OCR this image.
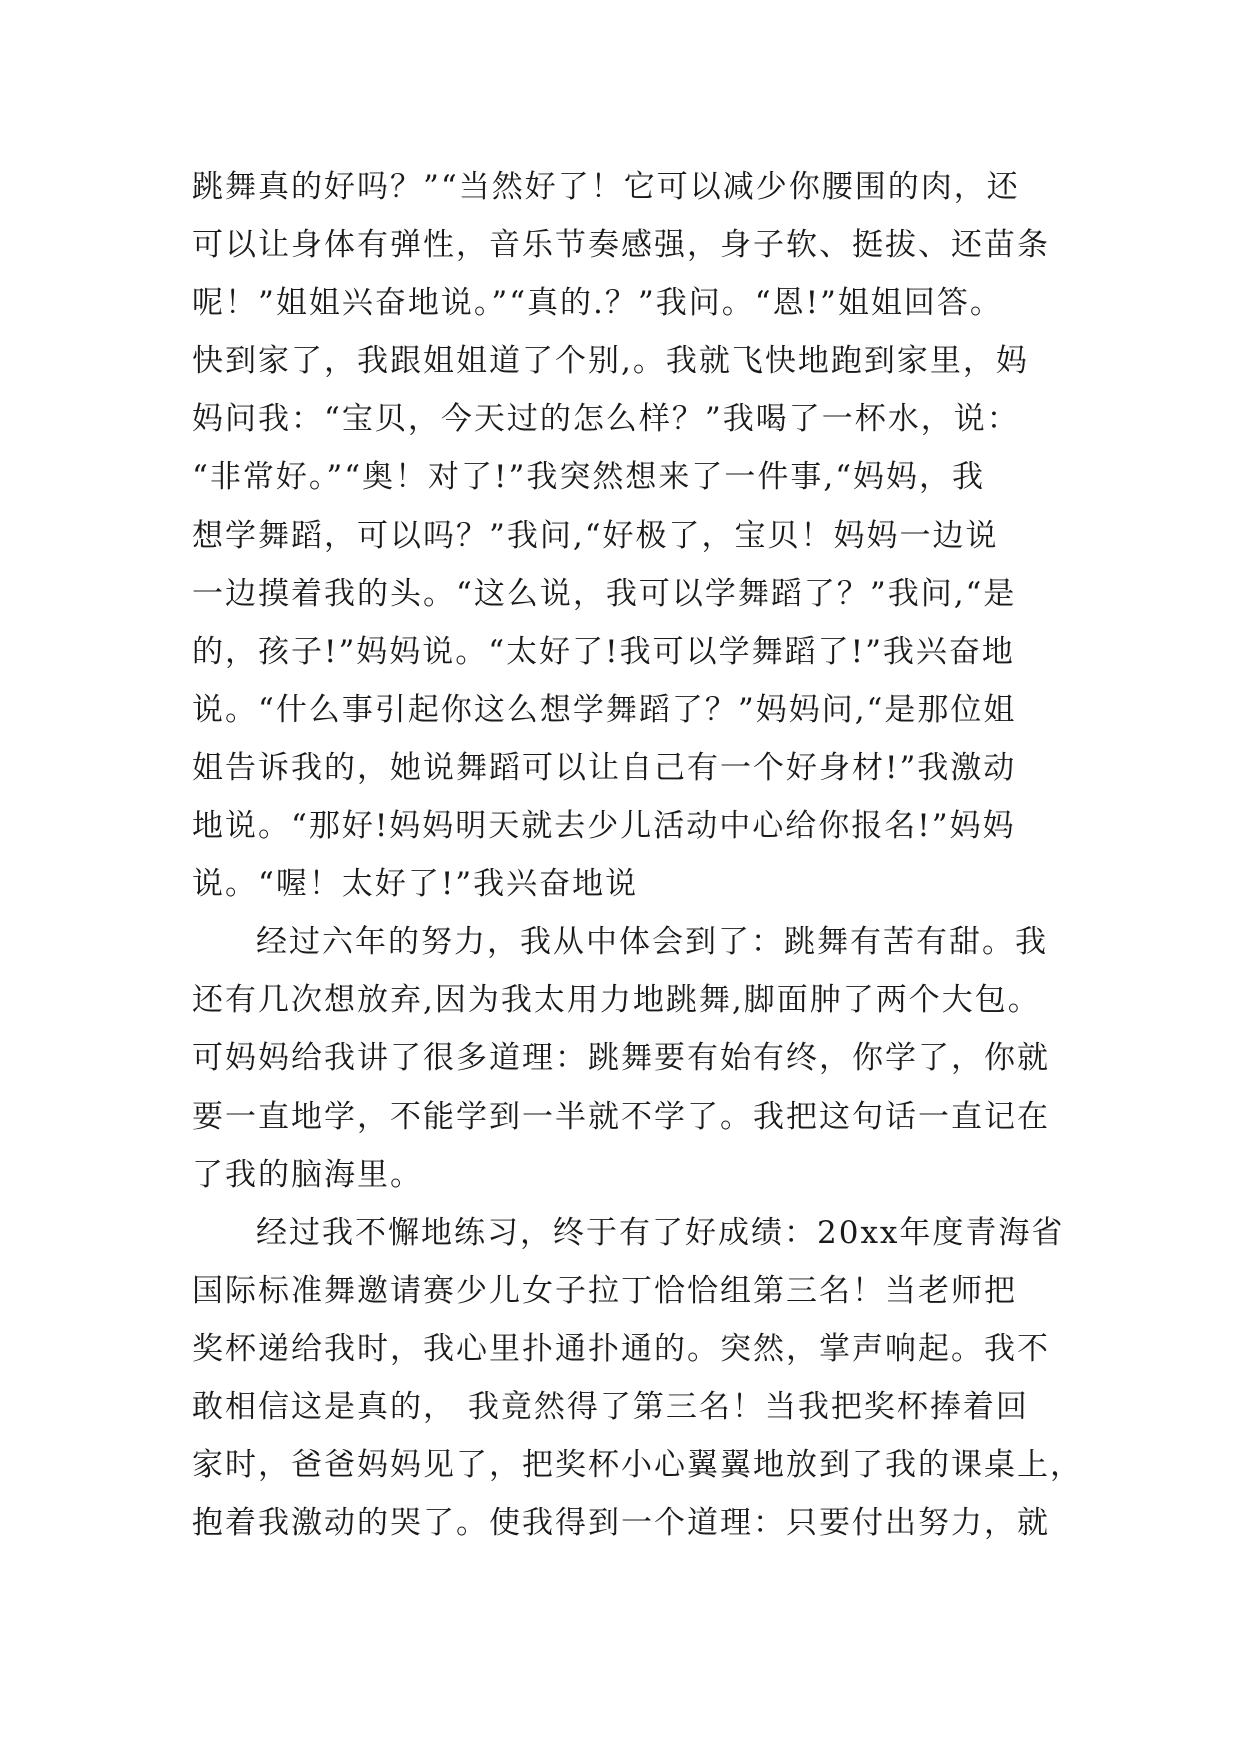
跳舞真的好吗？”“当然好了！它可以减少你腰围的肉，还
可以让身体有弹性，音乐节奏感强，身子软、挺拔、还苗条
呢！”姐姐兴奋地说。”“真的.？”我问。“恩!”姐姐回答。
快到家了，我跟姐姐道了个别,。我就飞快地跑到家里，妈
妈问我：“宝贝，今天过的怎么样？”我喝了一杯水，说：
“非常好。”“奥！对了!”我突然想来了一件事,“妈妈，我
想学舞蹈，可以吗？”我问,“好极了，宝贝！妈妈一边说
一边摸着我的头。“这么说，我可以学舞蹈了？”我问,“是
的，孩子!”妈妈说。“太好了!我可以学舞蹈了!”我兴奋地
说。“什么事引起你这么想学舞蹈了？”妈妈问,“是那位姐
姐告诉我的，她说舞蹈可以让自己有一个好身材!”我激动
地说。“那好!妈妈明天就去少儿活动中心给你报名!”妈妈
说。“喔！太好了!”我兴奋地说
经过六年的努力，我从中体会到了：跳舞有苦有甜。我
还有几次想放弃,因为我太用力地跳舞,脚面肿了两个大包。
可妈妈给我讲了很多道理：跳舞要有始有终，你学了，你就
要一直地学，不能学到一半就不学了。我把这句话一直记在
了我的脑海里。
经过我不懈地练习，终于有了好成绩：20xx年度青海省
国际标准舞邀请赛少儿女子拉丁恰恰组第三名！当老师把
奖杯递给我时，我心里扑通扑通的。突然，掌声响起。我不
敢相信这是真的， 我竟然得了第三名！当我把奖杯捧着回
家时，爸爸妈妈见了，把奖杯小心翼翼地放到了我的课桌上，
抱着我激动的哭了。使我得到一个道理：只要付出努力，就
